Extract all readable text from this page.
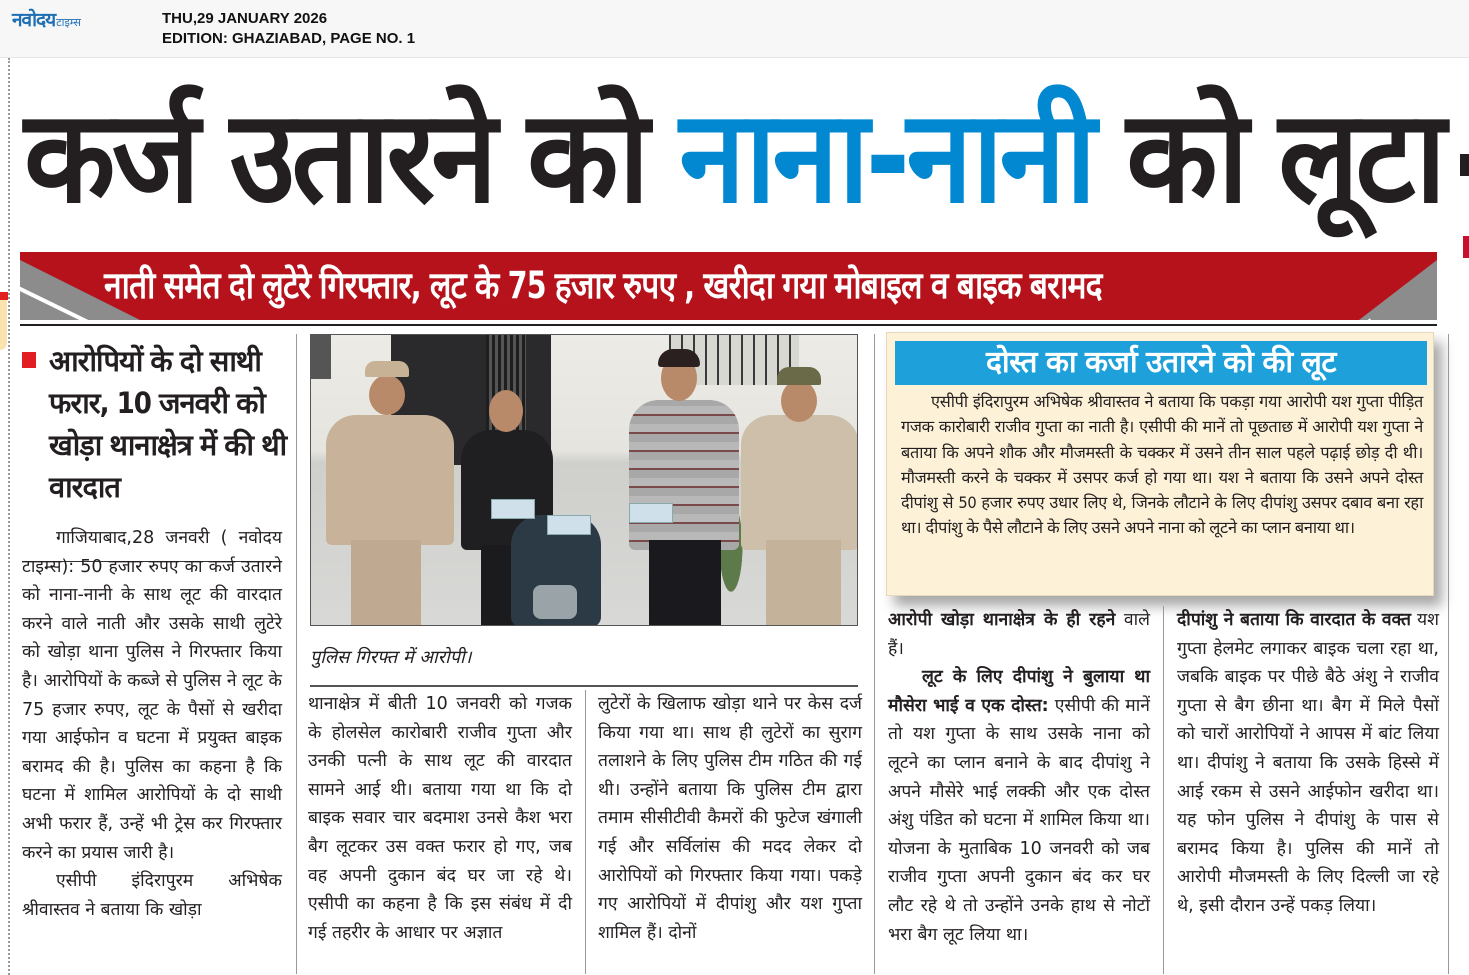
नवोदय टाइम्स	THU,29 JANUARY 2026
EDITION: GHAZIABAD, PAGE NO. 1
कर्ज उतारने को नाना-नानी को लूटा
नाती समेत दो लुटेरे गिरफ्तार, लूट के 75 हजार रुपए , खरीदा गया मोबाइल व बाइक बरामद
आरोपियों के दो साथी फरार, 10 जनवरी को खोड़ा थानाक्षेत्र में की थी वारदात

गाजियाबाद,28 जनवरी ( नवोदय टाइम्स): 50 हजार रुपए का कर्ज उतारने को नाना-नानी के साथ लूट की वारदात करने वाले नाती और उसके साथी लुटेरे को खोड़ा थाना पुलिस ने गिरफ्तार किया है। आरोपियों के कब्जे से पुलिस ने लूट के 75 हजार रुपए, लूट के पैसों से खरीदा गया आईफोन व घटना में प्रयुक्त बाइक बरामद की है। पुलिस का कहना है कि घटना में शामिल आरोपियों के दो साथी अभी फरार हैं, उन्हें भी ट्रेस कर गिरफ्तार करने का प्रयास जारी है।

एसीपी इंदिरापुरम अभिषेक श्रीवास्तव ने बताया कि खोड़ा

पुलिस गिरफ्त में आरोपी।

थानाक्षेत्र में बीती 10 जनवरी को गजक के होलसेल कारोबारी राजीव गुप्ता और उनकी पत्नी के साथ लूट की वारदात सामने आई थी। बताया गया था कि दो बाइक सवार चार बदमाश उनसे कैश भरा बैग लूटकर उस वक्त फरार हो गए, जब वह अपनी दुकान बंद घर जा रहे थे। एसीपी का कहना है कि इस संबंध में दी गई तहरीर के आधार पर अज्ञात

लुटेरों के खिलाफ खोड़ा थाने पर केस दर्ज किया गया था। साथ ही लुटेरों का सुराग तलाशने के लिए पुलिस टीम गठित की गई थी। उन्होंने बताया कि पुलिस टीम द्वारा तमाम सीसीटीवी कैमरों की फुटेज खंगाली गई और सर्विलांस की मदद लेकर दो आरोपियों को गिरफ्तार किया गया। पकड़े गए आरोपियों में दीपांशु और यश गुप्ता शामिल हैं। दोनों

दोस्त का कर्जा उतारने को की लूट

एसीपी इंदिरापुरम अभिषेक श्रीवास्तव ने बताया कि पकड़ा गया आरोपी यश गुप्ता पीड़ित गजक कारोबारी राजीव गुप्ता का नाती है। एसीपी की मानें तो पूछताछ में आरोपी यश गुप्ता ने बताया कि अपने शौक और मौजमस्ती के चक्कर में उसने तीन साल पहले पढ़ाई छोड़ दी थी। मौजमस्ती करने के चक्कर में उसपर कर्ज हो गया था। यश ने बताया कि उसने अपने दोस्त दीपांशु से 50 हजार रुपए उधार लिए थे, जिनके लौटाने के लिए दीपांशु उसपर दबाव बना रहा था। दीपांशु के पैसे लौटाने के लिए उसने अपने नाना को लूटने का प्लान बनाया था।

आरोपी खोड़ा थानाक्षेत्र के ही रहने वाले हैं।

लूट के लिए दीपांशु ने बुलाया था मौसेरा भाई व एक दोस्त: एसीपी की मानें तो यश गुप्ता के साथ उसके नाना को लूटने का प्लान बनाने के बाद दीपांशु ने अपने मौसेरे भाई लक्की और एक दोस्त अंशु पंडित को घटना में शामिल किया था। योजना के मुताबिक 10 जनवरी को जब राजीव गुप्ता अपनी दुकान बंद कर घर लौट रहे थे तो उन्होंने उनके हाथ से नोटों भरा बैग लूट लिया था।

दीपांशु ने बताया कि वारदात के वक्त यश गुप्ता हेलमेट लगाकर बाइक चला रहा था, जबकि बाइक पर पीछे बैठे अंशु ने राजीव गुप्ता से बैग छीना था। बैग में मिले पैसों को चारों आरोपियों ने आपस में बांट लिया था। दीपांशु ने बताया कि उसके हिस्से में आई रकम से उसने आईफोन खरीदा था। यह फोन पुलिस ने दीपांशु के पास से बरामद किया है। पुलिस की मानें तो आरोपी मौजमस्ती के लिए दिल्ली जा रहे थे, इसी दौरान उन्हें पकड़ लिया।
